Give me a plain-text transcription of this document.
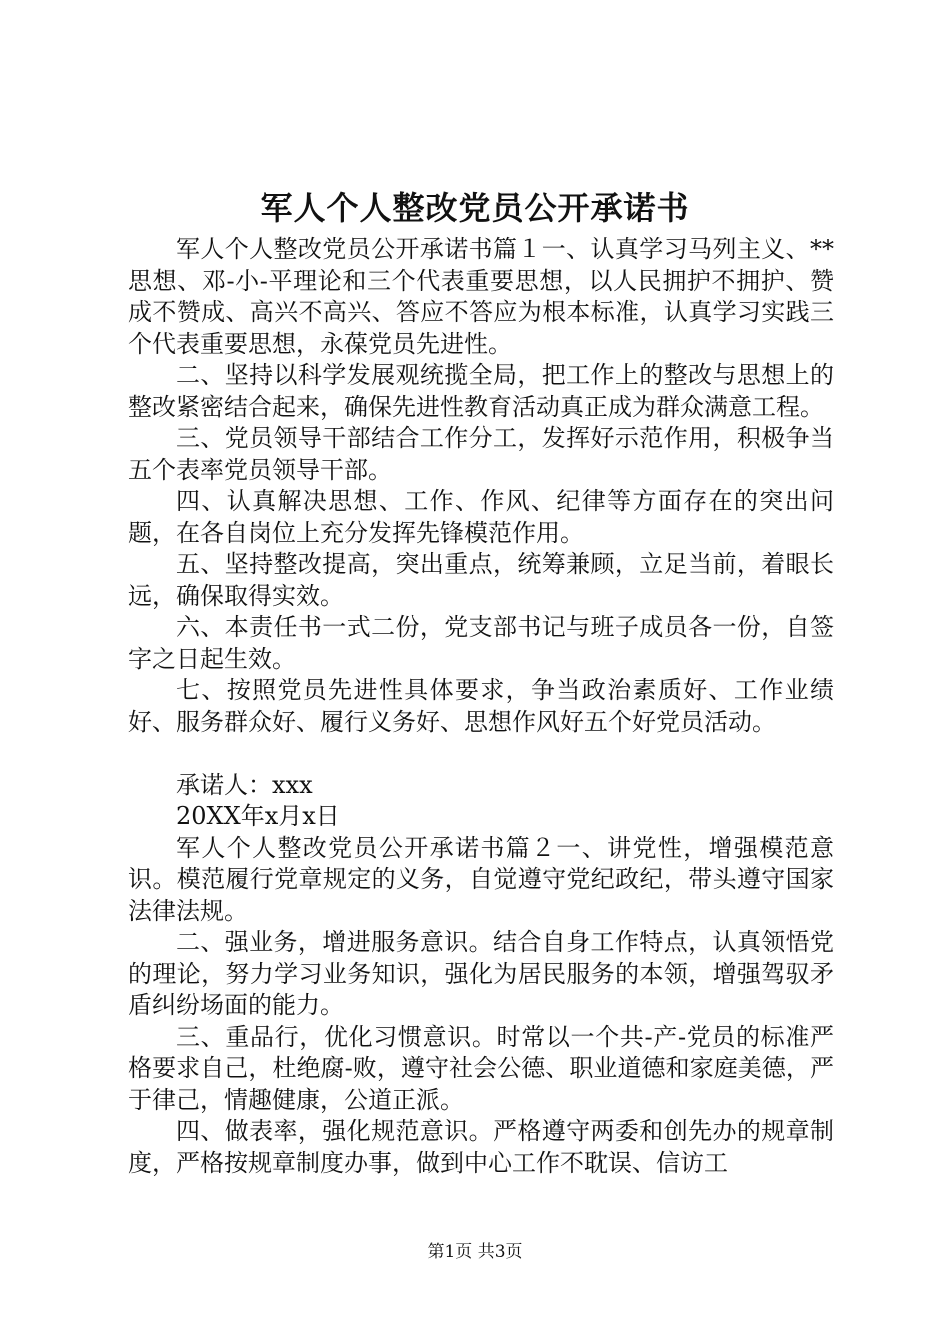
军人个人整改党员公开承诺书

军人个人整改党员公开承诺书篇１一、认真学习马列主义、**思想、邓-小-平理论和三个代表重要思想，以人民拥护不拥护、赞成不赞成、高兴不高兴、答应不答应为根本标准，认真学习实践三个代表重要思想，永葆党员先进性。

二、坚持以科学发展观统揽全局，把工作上的整改与思想上的整改紧密结合起来，确保先进性教育活动真正成为群众满意工程。

三、党员领导干部结合工作分工，发挥好示范作用，积极争当五个表率党员领导干部。

四、认真解决思想、工作、作风、纪律等方面存在的突出问题，在各自岗位上充分发挥先锋模范作用。

五、坚持整改提高，突出重点，统筹兼顾，立足当前，着眼长远，确保取得实效。

六、本责任书一式二份，党支部书记与班子成员各一份，自签字之日起生效。

七、按照党员先进性具体要求，争当政治素质好、工作业绩好、服务群众好、履行义务好、思想作风好五个好党员活动。

承诺人：xxx

20XX年x月x日

军人个人整改党员公开承诺书篇２一、讲党性，增强模范意识。模范履行党章规定的义务，自觉遵守党纪政纪，带头遵守国家法律法规。

二、强业务，增进服务意识。结合自身工作特点，认真领悟党的理论，努力学习业务知识，强化为居民服务的本领，增强驾驭矛盾纠纷场面的能力。

三、重品行，优化习惯意识。时常以一个共-产-党员的标准严格要求自己，杜绝腐-败，遵守社会公德、职业道德和家庭美德，严于律己，情趣健康，公道正派。

四、做表率，强化规范意识。严格遵守两委和创先办的规章制度，严格按规章制度办事，做到中心工作不耽误、信访工

第1页 共3页
